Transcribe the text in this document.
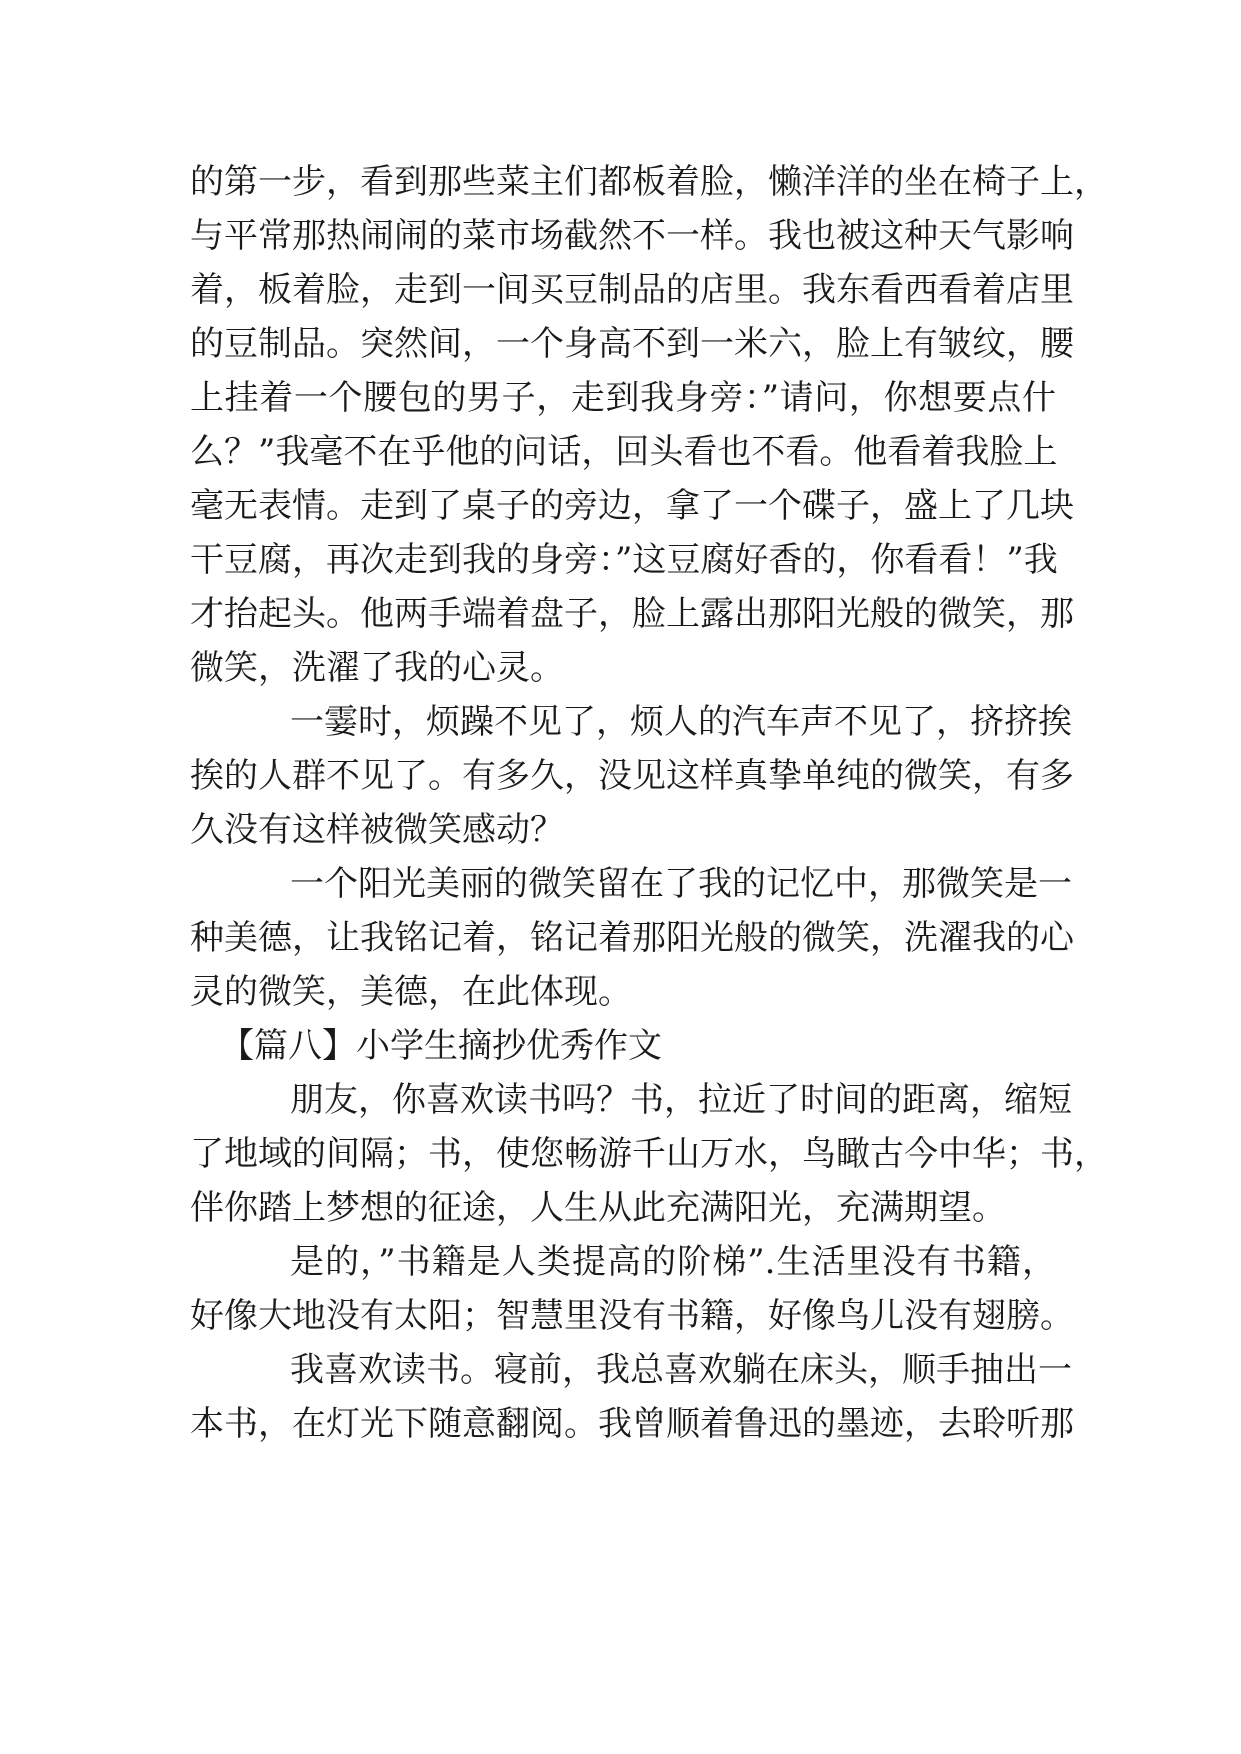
的第一步，看到那些菜主们都板着脸，懒洋洋的坐在椅子上，
与平常那热闹闹的菜市场截然不一样。我也被这种天气影响
着，板着脸，走到一间买豆制品的店里。我东看西看着店里
的豆制品。突然间，一个身高不到一米六，脸上有皱纹，腰
上挂着一个腰包的男子，走到我身旁：”请问，你想要点什
么？”我毫不在乎他的问话，回头看也不看。他看着我脸上
毫无表情。走到了桌子的旁边，拿了一个碟子，盛上了几块
干豆腐，再次走到我的身旁：”这豆腐好香的，你看看！”我
才抬起头。他两手端着盘子，脸上露出那阳光般的微笑，那
微笑，洗濯了我的心灵。
一霎时，烦躁不见了，烦人的汽车声不见了，挤挤挨
挨的人群不见了。有多久，没见这样真挚单纯的微笑，有多
久没有这样被微笑感动？
一个阳光美丽的微笑留在了我的记忆中，那微笑是一
种美德，让我铭记着，铭记着那阳光般的微笑，洗濯我的心
灵的微笑，美德，在此体现。
【篇八】小学生摘抄优秀作文
朋友，你喜欢读书吗？书，拉近了时间的距离，缩短
了地域的间隔；书，使您畅游千山万水，鸟瞰古今中华；书，
伴你踏上梦想的征途，人生从此充满阳光，充满期望。
是的，”书籍是人类提高的阶梯”.生活里没有书籍，
好像大地没有太阳；智慧里没有书籍，好像鸟儿没有翅膀。
我喜欢读书。寝前，我总喜欢躺在床头，顺手抽出一
本书，在灯光下随意翻阅。我曾顺着鲁迅的墨迹，去聆听那
